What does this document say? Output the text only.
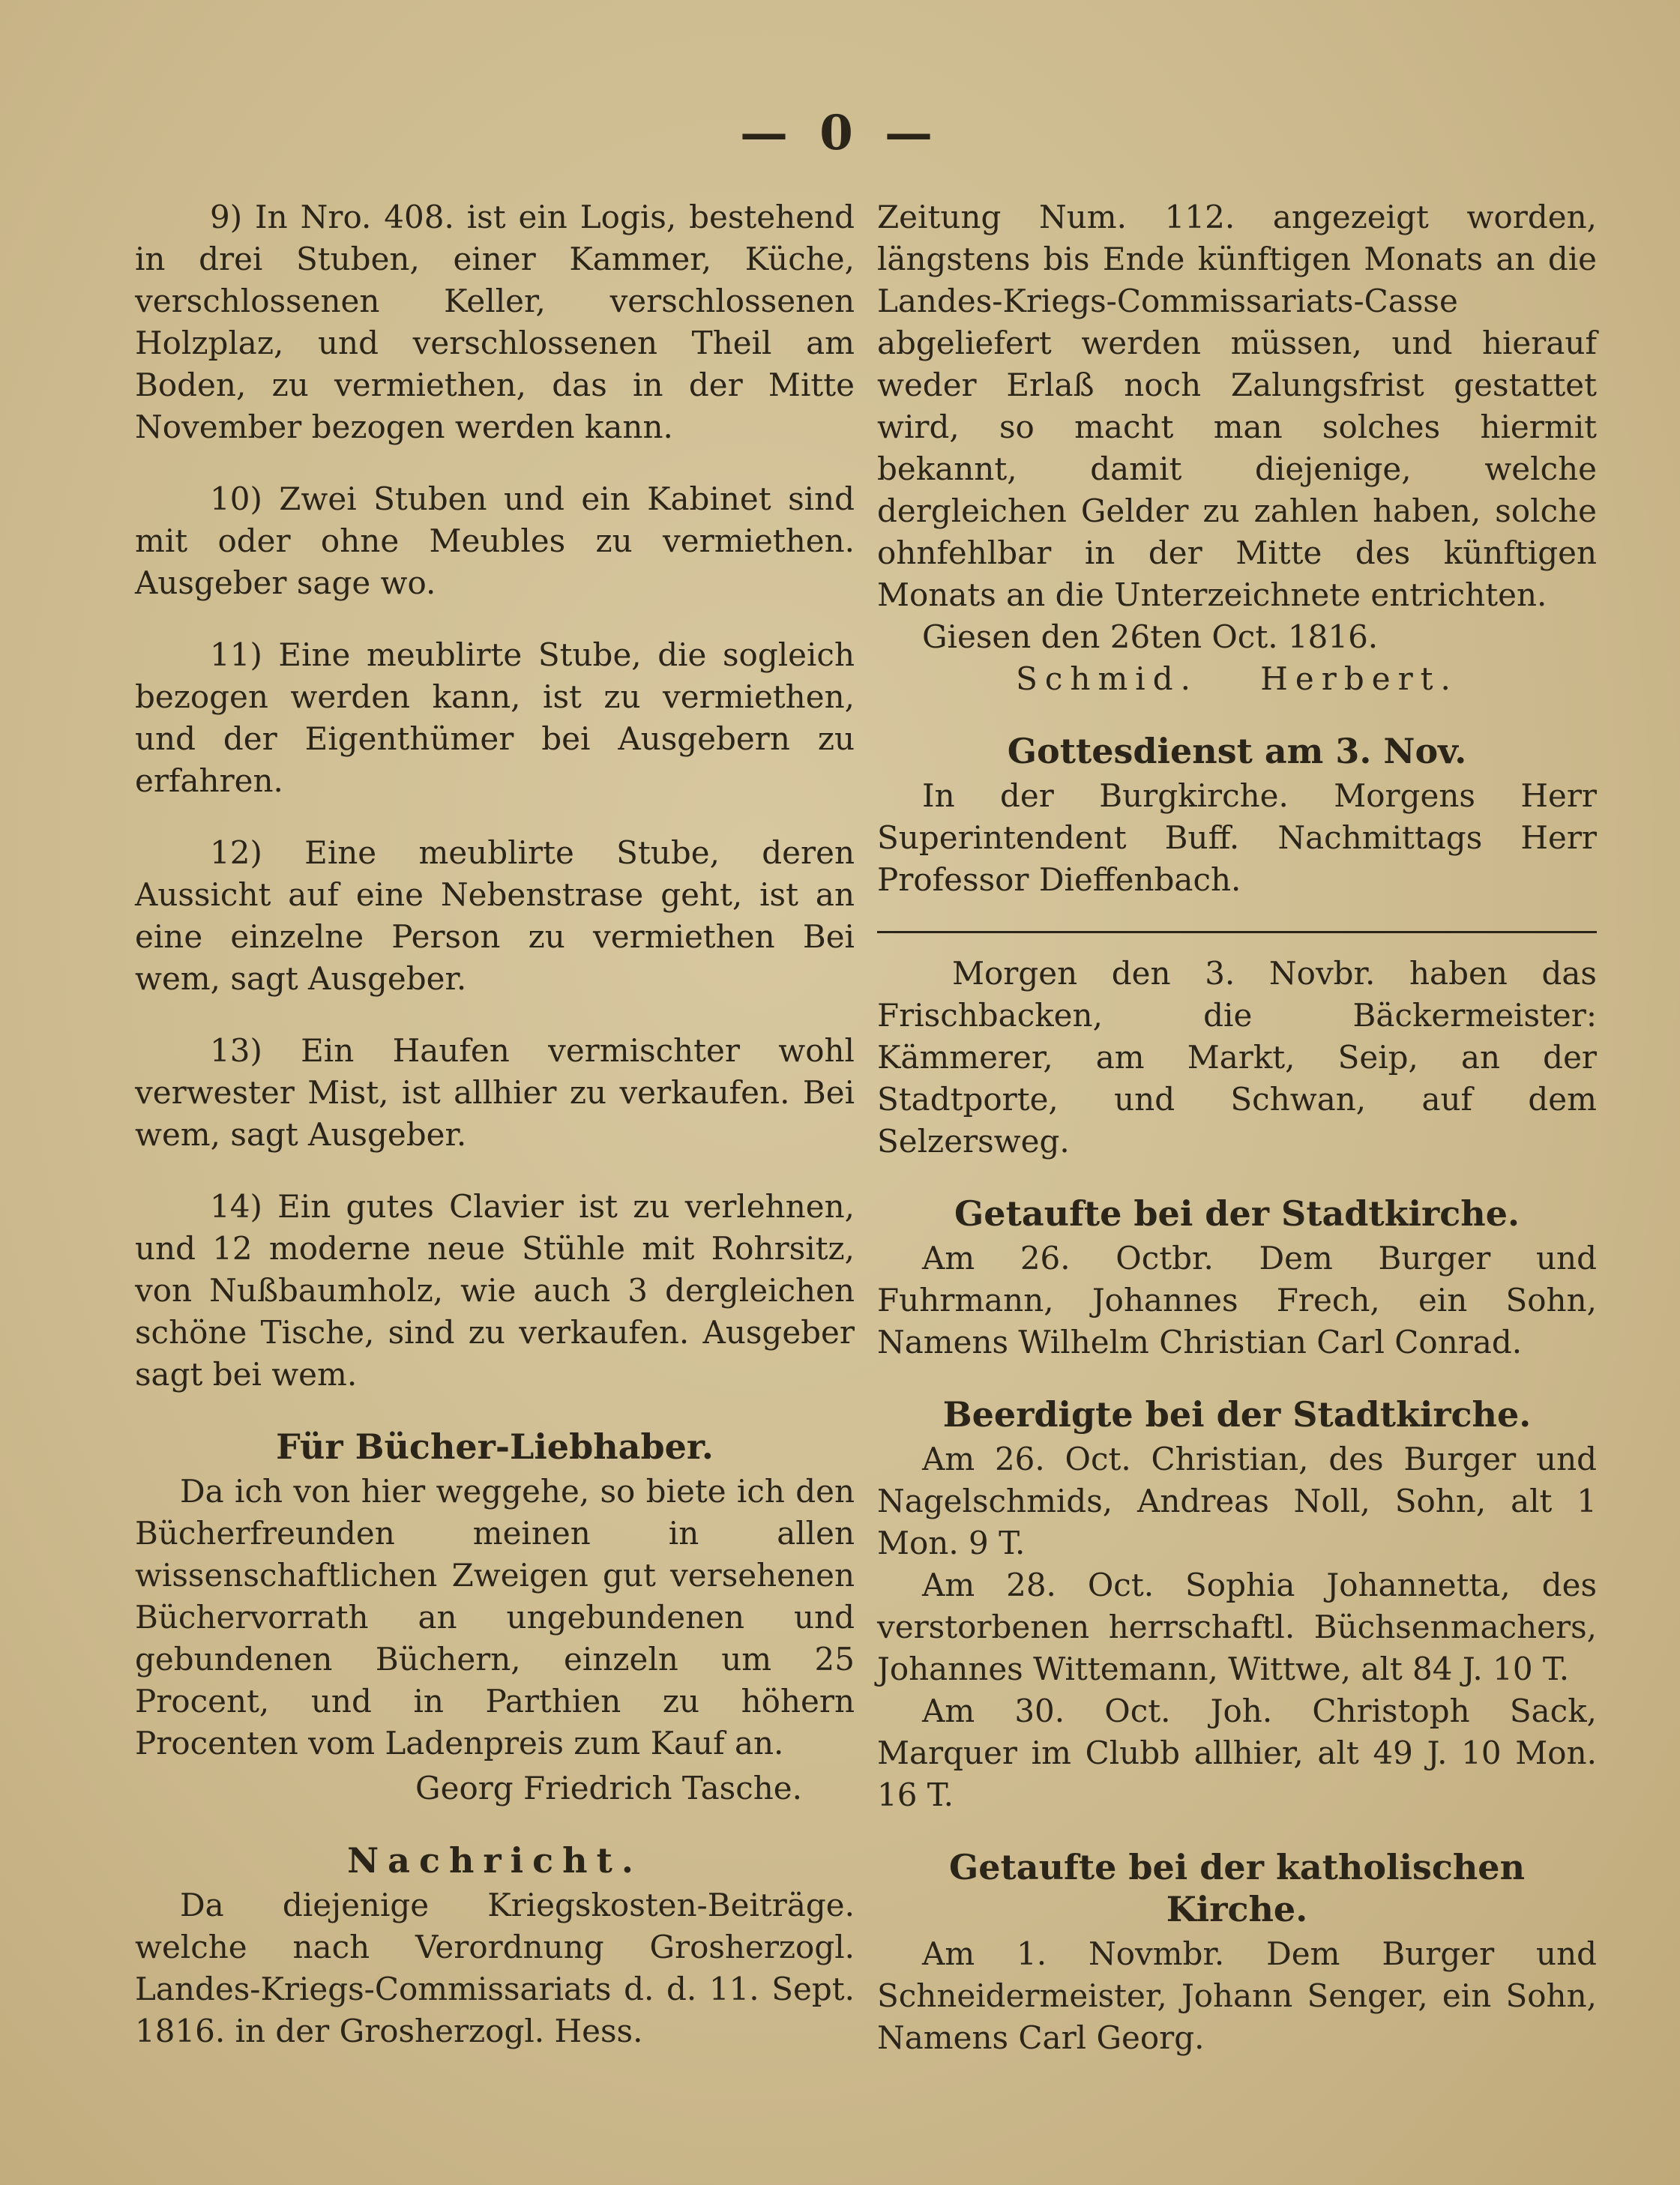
— 0 —

9) In Nro. 408. ist ein Logis, bestehend in drei Stuben, einer Kammer, Küche, verschlossenen Keller, verschlossenen Holzplaz, und verschlossenen Theil am Boden, zu vermiethen, das in der Mitte November bezogen werden kann.

10) Zwei Stuben und ein Kabinet sind mit oder ohne Meubles zu vermiethen. Ausgeber sage wo.

11) Eine meublirte Stube, die sogleich bezogen werden kann, ist zu vermiethen, und der Eigenthümer bei Ausgebern zu erfahren.

12) Eine meublirte Stube, deren Aussicht auf eine Nebenstrase geht, ist an eine einzelne Person zu vermiethen Bei wem, sagt Ausgeber.

13) Ein Haufen vermischter wohl verwester Mist, ist allhier zu verkaufen. Bei wem, sagt Ausgeber.

14) Ein gutes Clavier ist zu verlehnen, und 12 moderne neue Stühle mit Rohrsitz, von Nußbaumholz, wie auch 3 dergleichen schöne Tische, sind zu verkaufen. Ausgeber sagt bei wem.

Für Bücher-Liebhaber.

Da ich von hier weggehe, so biete ich den Bücherfreunden meinen in allen wissenschaftlichen Zweigen gut versehenen Büchervorrath an ungebundenen und gebundenen Büchern, einzeln um 25 Procent, und in Parthien zu höhern Procenten vom Ladenpreis zum Kauf an.

Georg Friedrich Tasche.

Nachricht.

Da diejenige Kriegskosten-Beiträge. welche nach Verordnung Grosherzogl. Landes-Kriegs-Commissariats d. d. 11. Sept. 1816. in der Grosherzogl. Hess.

Zeitung Num. 112. angezeigt worden, längstens bis Ende künftigen Monats an die Landes-Kriegs-Commissariats-Casse abgeliefert werden müssen, und hierauf weder Erlaß noch Zalungsfrist gestattet wird, so macht man solches hiermit bekannt, damit diejenige, welche dergleichen Gelder zu zahlen haben, solche ohnfehlbar in der Mitte des künftigen Monats an die Unterzeichnete entrichten.

Giesen den 26ten Oct. 1816.

Schmid. Herbert.

Gottesdienst am 3. Nov.

In der Burgkirche. Morgens Herr Superintendent Buff. Nachmittags Herr Professor Dieffenbach.

Morgen den 3. Novbr. haben das Frischbacken, die Bäckermeister: Kämmerer, am Markt, Seip, an der Stadtporte, und Schwan, auf dem Selzersweg.

Getaufte bei der Stadtkirche.

Am 26. Octbr. Dem Burger und Fuhrmann, Johannes Frech, ein Sohn, Namens Wilhelm Christian Carl Conrad.

Beerdigte bei der Stadtkirche.

Am 26. Oct. Christian, des Burger und Nagelschmids, Andreas Noll, Sohn, alt 1 Mon. 9 T.

Am 28. Oct. Sophia Johannetta, des verstorbenen herrschaftl. Büchsenmachers, Johannes Wittemann, Wittwe, alt 84 J. 10 T.

Am 30. Oct. Joh. Christoph Sack, Marquer im Clubb allhier, alt 49 J. 10 Mon. 16 T.

Getaufte bei der katholischen Kirche.

Am 1. Novmbr. Dem Burger und Schneidermeister, Johann Senger, ein Sohn, Namens Carl Georg.
